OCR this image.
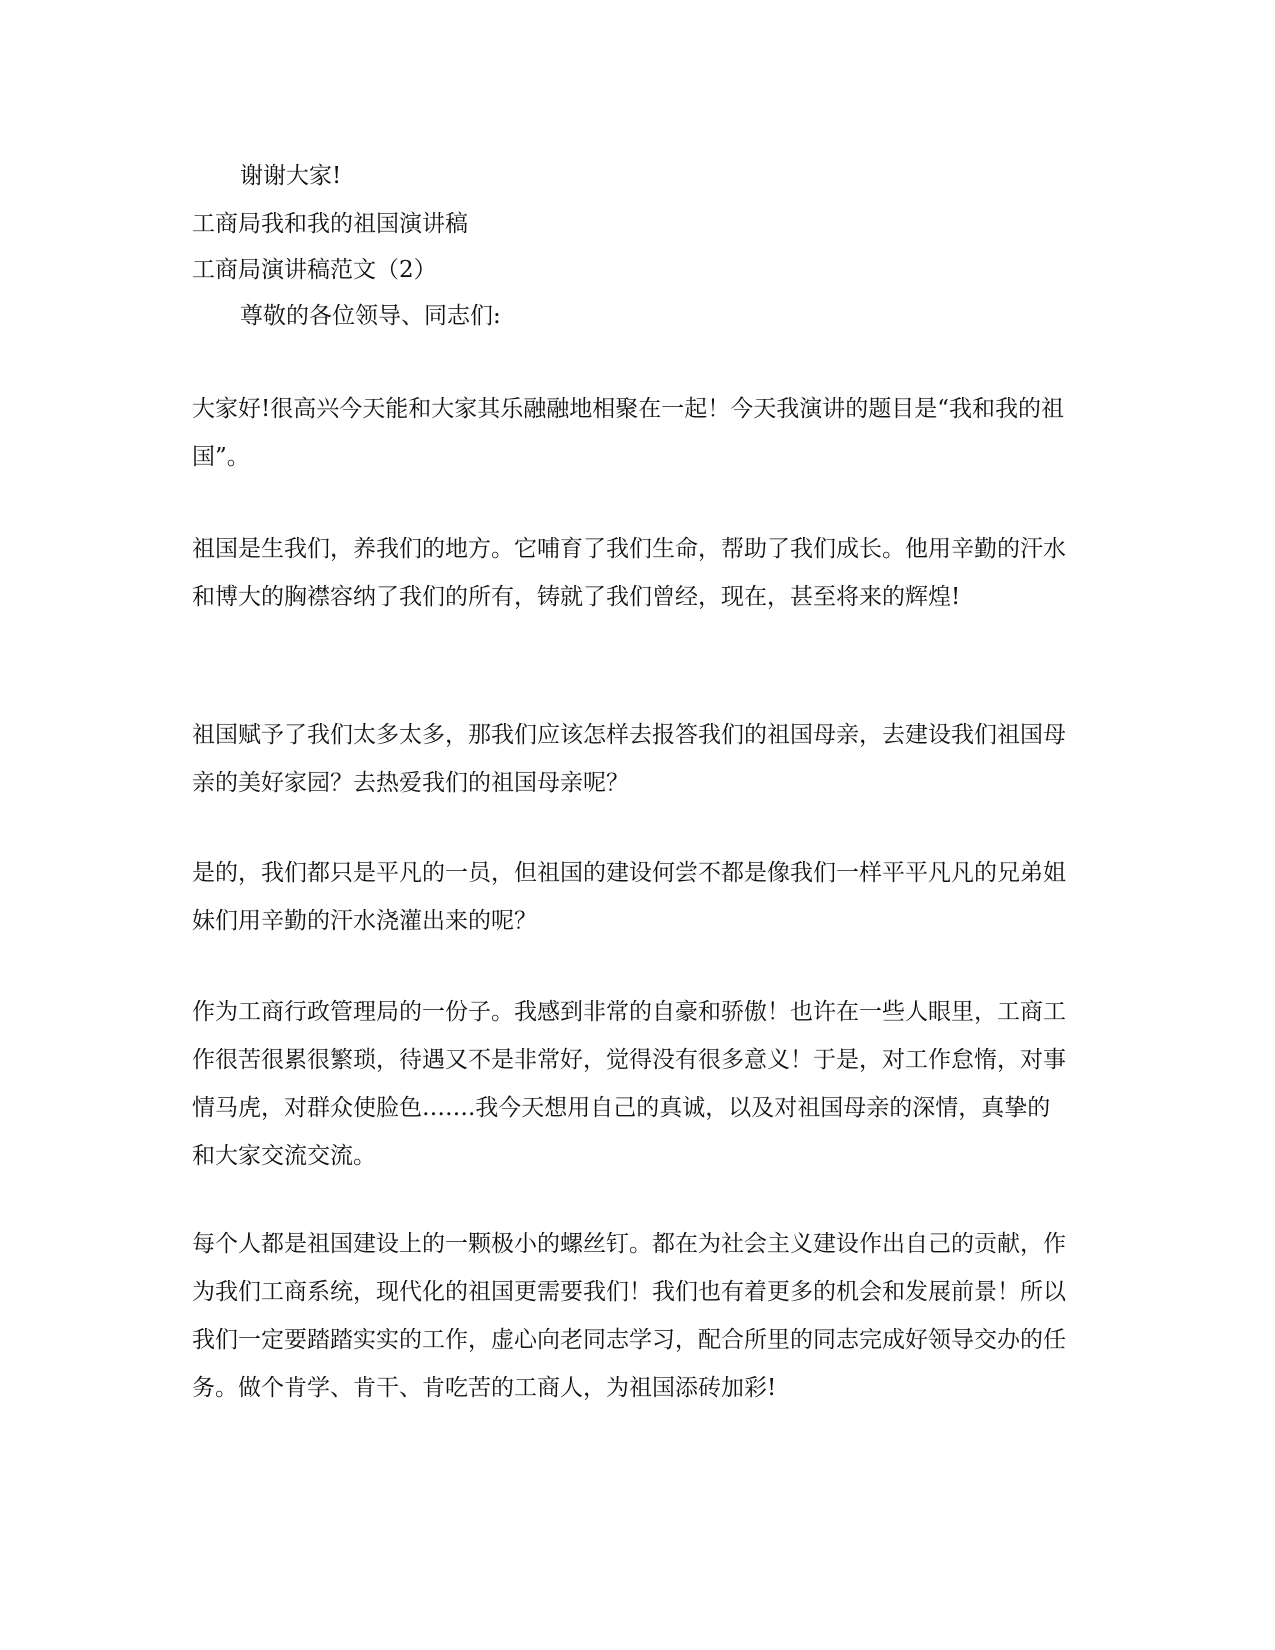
谢谢大家!

工商局我和我的祖国演讲稿

工商局演讲稿范文（2）

尊敬的各位领导、同志们:

大家好!很高兴今天能和大家其乐融融地相聚在一起！今天我演讲的题目是“我和我的祖国”。

祖国是生我们，养我们的地方。它哺育了我们生命，帮助了我们成长。他用辛勤的汗水和博大的胸襟容纳了我们的所有，铸就了我们曾经，现在，甚至将来的辉煌!

祖国赋予了我们太多太多，那我们应该怎样去报答我们的祖国母亲，去建设我们祖国母亲的美好家园？去热爱我们的祖国母亲呢？

是的，我们都只是平凡的一员，但祖国的建设何尝不都是像我们一样平平凡凡的兄弟姐妹们用辛勤的汗水浇灌出来的呢？

作为工商行政管理局的一份子。我感到非常的自豪和骄傲！也许在一些人眼里，工商工作很苦很累很繁琐，待遇又不是非常好，觉得没有很多意义！于是，对工作怠惰，对事情马虎，对群众使脸色…….我今天想用自己的真诚，以及对祖国母亲的深情，真挚的和大家交流交流。

每个人都是祖国建设上的一颗极小的螺丝钉。都在为社会主义建设作出自己的贡献，作为我们工商系统，现代化的祖国更需要我们！我们也有着更多的机会和发展前景！所以我们一定要踏踏实实的工作，虚心向老同志学习，配合所里的同志完成好领导交办的任务。做个肯学、肯干、肯吃苦的工商人，为祖国添砖加彩!
